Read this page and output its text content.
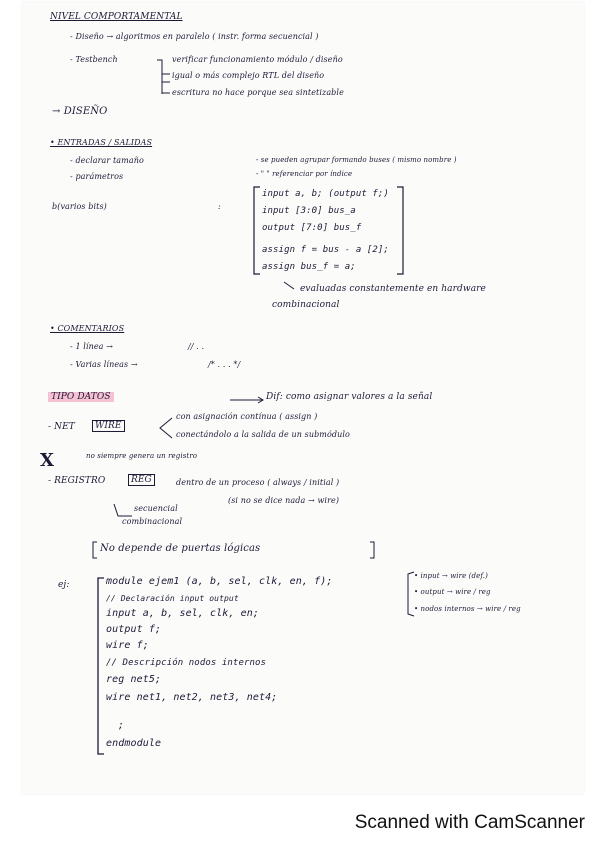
NIVEL COMPORTAMENTAL
- Diseño → algoritmos en paralelo ( instr. forma secuencial )
- Testbench	verificar funcionamiento módulo / diseño
igual o más complejo RTL del diseño
escritura no hace porque sea sintetizable
→ DISEÑO
• ENTRADAS / SALIDAS
- declarar tamaño
- parámetros
b(varios bits)	:
- se pueden agrupar formando buses ( mismo nombre )
- " " referenciar por índice
input a, b; (output f;)
input [3:0] bus_a
output [7:0] bus_f
assign f = bus - a [2];
assign bus_f = a;
evaluadas constantemente en hardware
combinacional
• COMENTARIOS
- 1 línea →	// . .
- Varias líneas →	/* . . . */
TIPO DATOS	Dif: como asignar valores a la señal
- NET	WIRE
con asignación contínua ( assign )
conectándolo a la salida de un submódulo
X	no siempre genera un registro
- REGISTRO	REG	dentro de un proceso ( always / initial )
(si no se dice nada → wire)
secuencial
combinacional
No depende de puertas lógicas
ej:	module ejem1 (a, b, sel, clk, en, f);
// Declaración input output
input a, b, sel, clk, en;
output f;
wire f;
// Descripción nodos internos
reg net5;
wire net1, net2, net3, net4;
;
endmodule
• input → wire (def.)
• output → wire / reg
• nodos internos → wire / reg
Scanned with CamScanner
